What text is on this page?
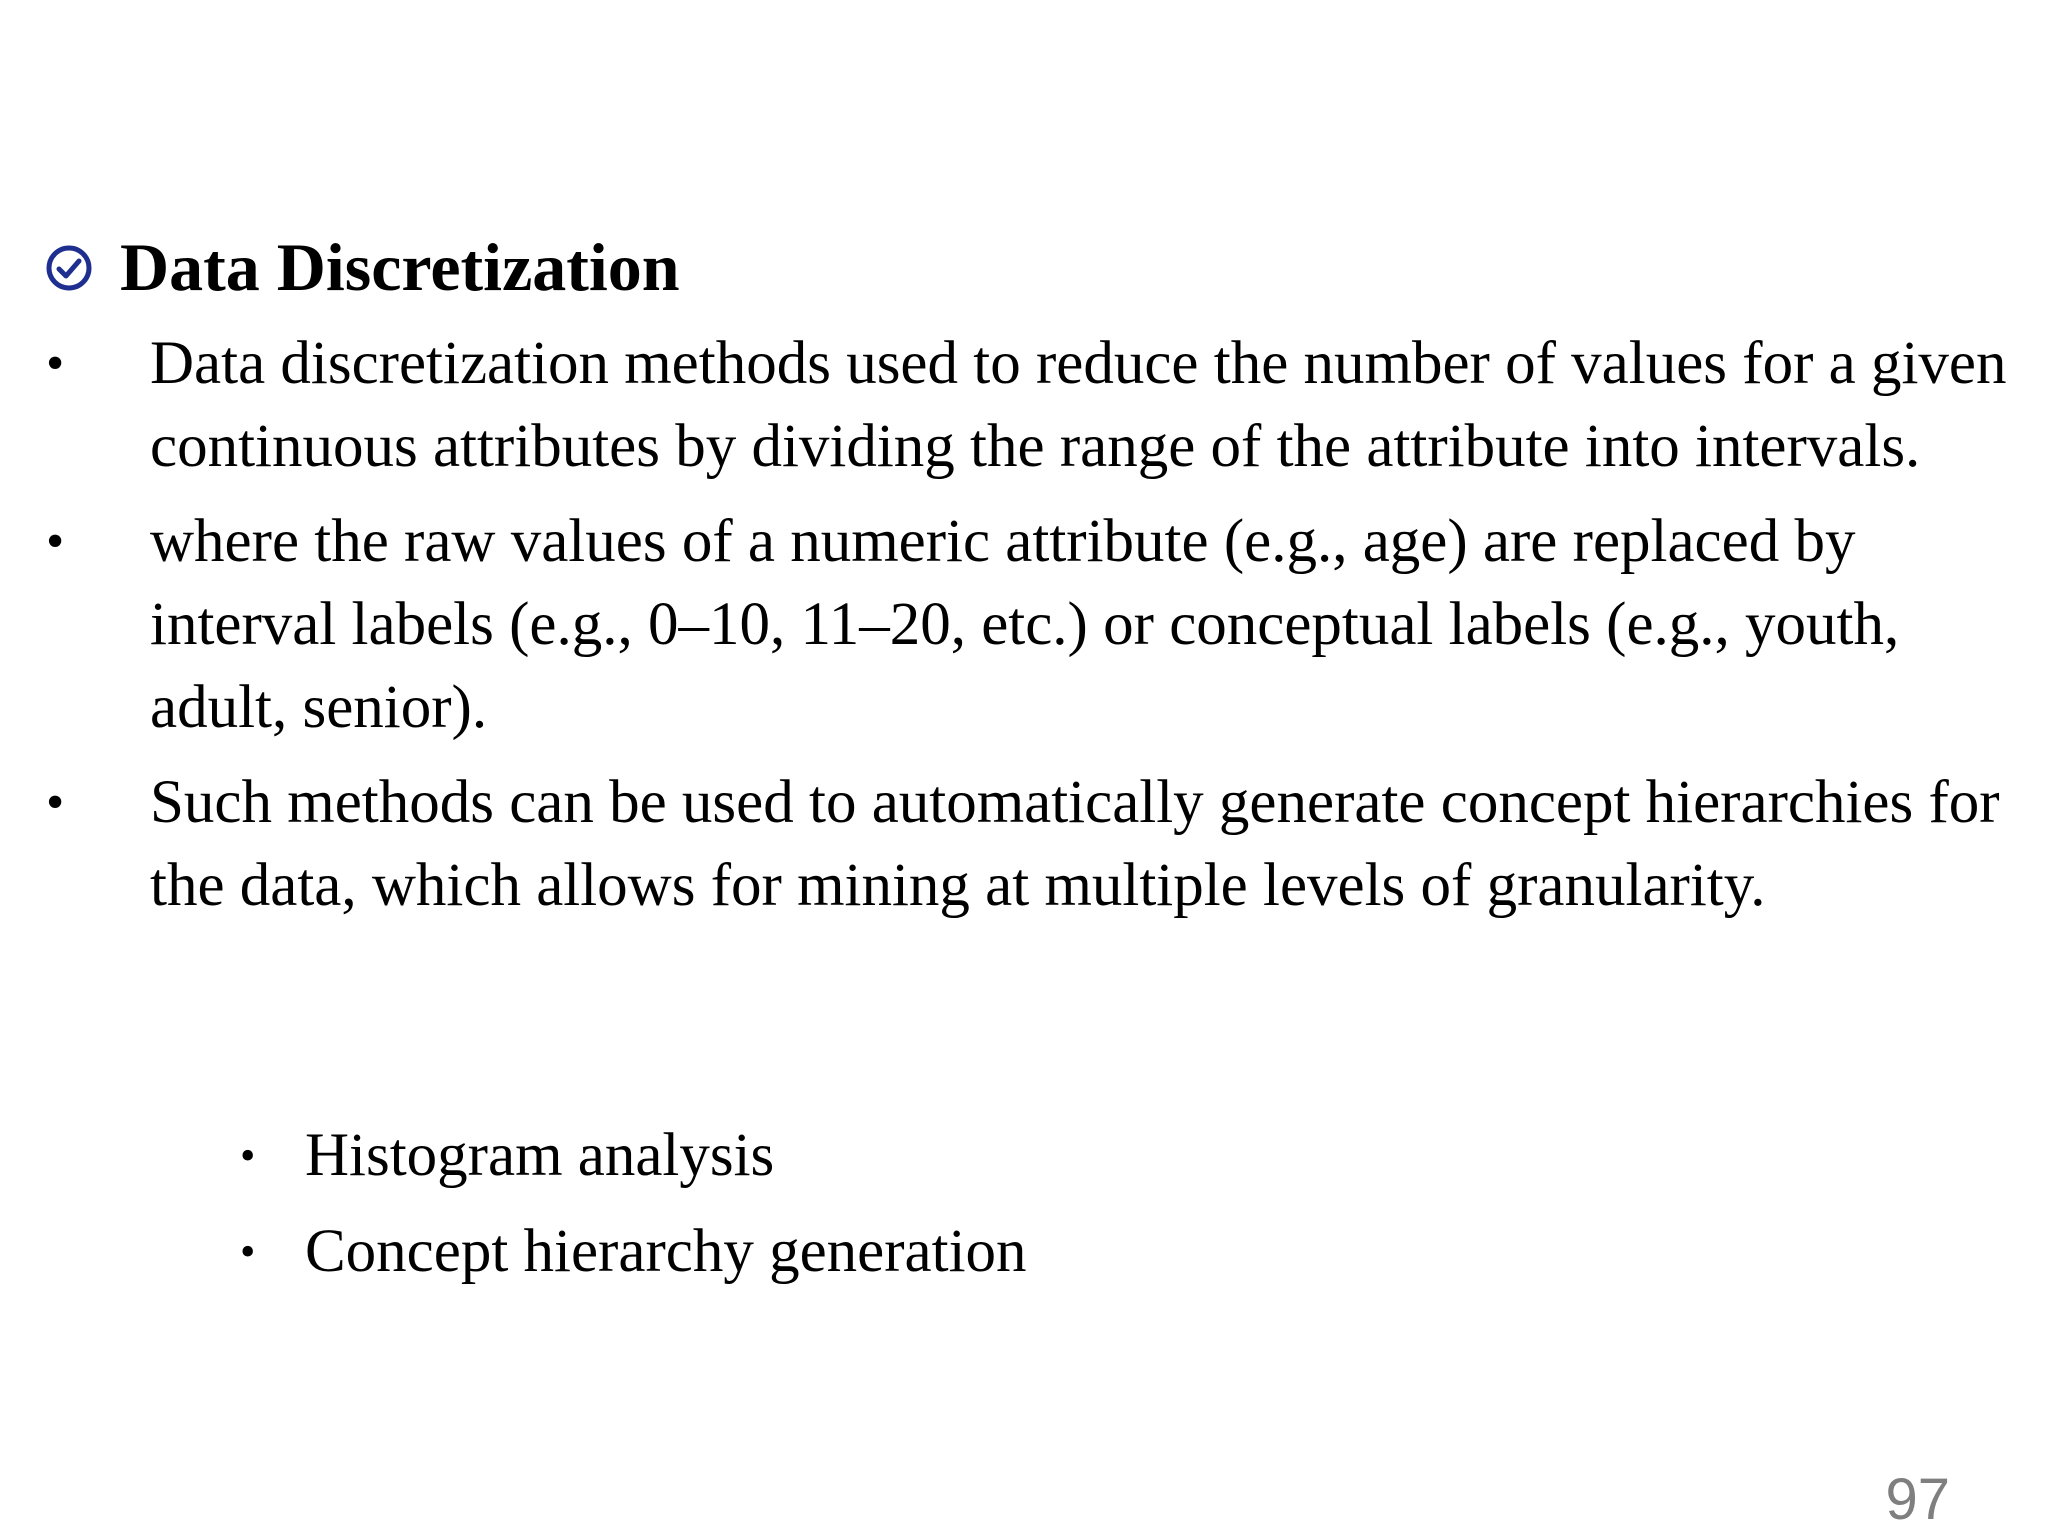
Data Discretization
• Data discretization methods used to reduce the number of values for a given continuous attributes by dividing the range of the attribute into intervals.
• where the raw values of a numeric attribute (e.g., age) are replaced by interval labels (e.g., 0–10, 11–20, etc.) or conceptual labels (e.g., youth, adult, senior).
• Such methods can be used to automatically generate concept hierarchies for the data, which allows for mining at multiple levels of granularity.
• Histogram analysis
• Concept hierarchy generation
97
